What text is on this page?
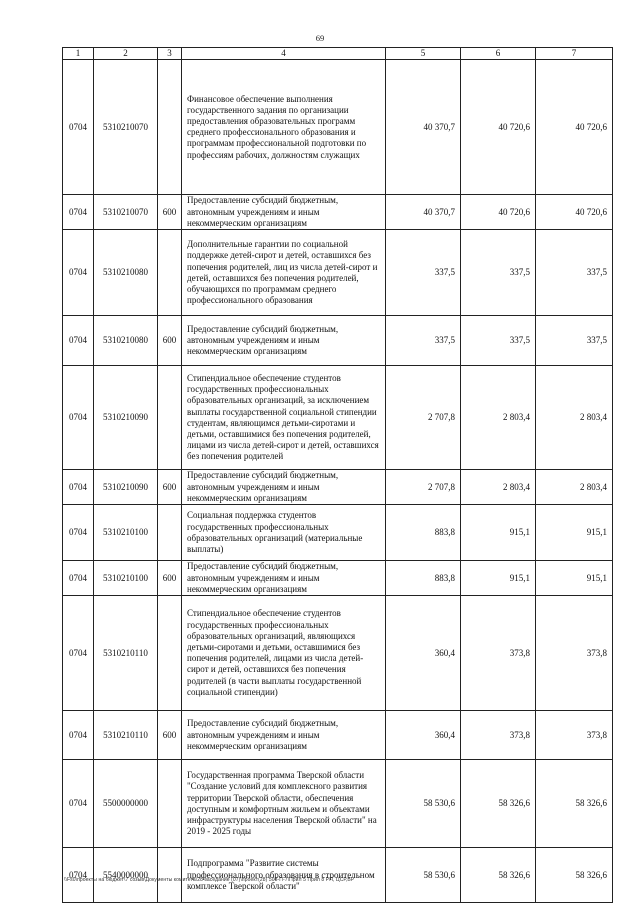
69
1	2	3	4	5	6	7
0704	5310210070		Финансовое обеспечение выполнения государственного задания по организации предоставления образовательных программ среднего профессионального образования и программам профессиональной подготовки по профессиям рабочих, должностям служащих	40 370,7	40 720,6	40 720,6
0704	5310210070	600	Предоставление субсидий бюджетным, автономным учреждениям и иным некоммерческим организациям	40 370,7	40 720,6	40 720,6
0704	5310210080		Дополнительные гарантии по социальной поддержке детей-сирот и детей, оставшихся без попечения родителей, лиц из числа детей-сирот и детей, оставшихся без попечения родителей, обучающихся по программам среднего профессионального образования	337,5	337,5	337,5
0704	5310210080	600	Предоставление субсидий бюджетным, автономным учреждениям и иным некоммерческим организациям	337,5	337,5	337,5
0704	5310210090		Стипендиальное обеспечение студентов государственных профессиональных образовательных организаций, за исключением выплаты государственной социальной стипендии студентам, являющимся детьми-сиротами и детьми, оставшимися без попечения родителей, лицами из числа детей-сирот и детей, оставшихся без попечения родителей	2 707,8	2 803,4	2 803,4
0704	5310210090	600	Предоставление субсидий бюджетным, автономным учреждениям и иным некоммерческим организациям	2 707,8	2 803,4	2 803,4
0704	5310210100		Социальная поддержка студентов государственных профессиональных образовательных организаций (материальные выплаты)	883,8	915,1	915,1
0704	5310210100	600	Предоставление субсидий бюджетным, автономным учреждениям и иным некоммерческим организациям	883,8	915,1	915,1
0704	5310210110		Стипендиальное обеспечение студентов государственных профессиональных образовательных организаций, являющихся детьми-сиротами и детьми, оставшимися без попечения родителей, лицами из числа детей-сирот и детей, оставшихся без попечения родителей (в части выплаты государственной социальной стипендии)	360,4	373,8	373,8
0704	5310210110	600	Предоставление субсидий бюджетным, автономным учреждениям и иным некоммерческим организациям	360,4	373,8	373,8
0704	5500000000		Государственная программа Тверской области "Создание условий для комплексного развития территории Тверской области, обеспечения доступным и комфортным жильем и объектами инфраструктуры населения Тверской области" на 2019 - 2025 годы	58 530,6	58 326,6	58 326,6
0704	5540000000		Подпрограмма "Развитие системы профессионального образования в строительном комплексе Тверской области"	58 530,6	58 326,6	58 326,6
\\Fs0\проекты на бюджет\7 созыв\Документы комитета\28 заседание (07)\проект(28) 508-П-7\Прил 5 Прил 8 РП, ЦСР,ВР
